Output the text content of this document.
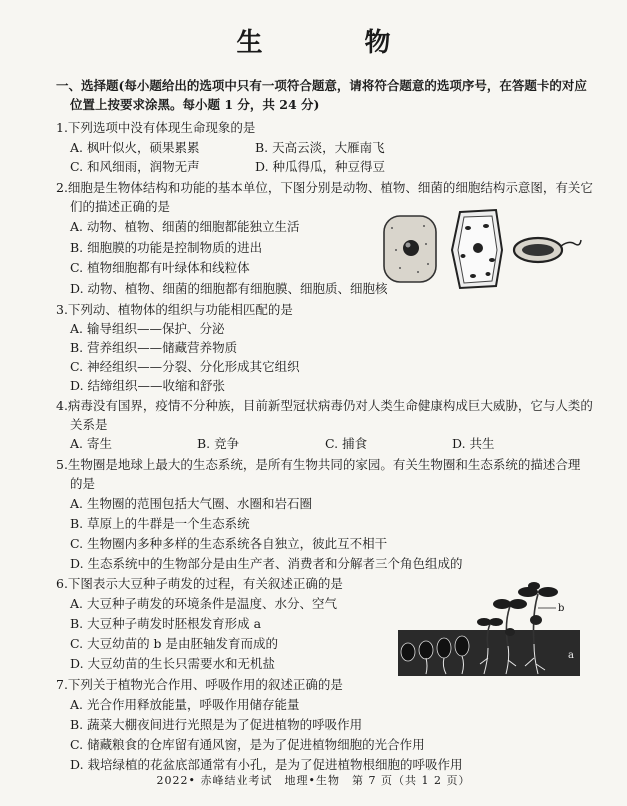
生　物
一、选择题(每小题给出的选项中只有一项符合题意，请将符合题意的选项序号，在答题卡的对应
位置上按要求涂黑。每小题 1 分，共 24 分)
1.下列选项中没有体现生命现象的是
A. 枫叶似火，硕果累累	B. 天高云淡，大雁南飞
C. 和风细雨，润物无声	D. 种瓜得瓜，种豆得豆
2.细胞是生物体结构和功能的基本单位，下图分别是动物、植物、细菌的细胞结构示意图，有关它
们的描述正确的是
A. 动物、植物、细菌的细胞都能独立生活
B. 细胞膜的功能是控制物质的进出
C. 植物细胞都有叶绿体和线粒体
D. 动物、植物、细菌的细胞都有细胞膜、细胞质、细胞核
3.下列动、植物体的组织与功能相匹配的是
A. 输导组织——保护、分泌
B. 营养组织——储藏营养物质
C. 神经组织——分裂、分化形成其它组织
D. 结缔组织——收缩和舒张
4.病毒没有国界，疫情不分种族，目前新型冠状病毒仍对人类生命健康构成巨大威胁，它与人类的
关系是
A. 寄生	B. 竞争	C. 捕食	D. 共生
5.生物圈是地球上最大的生态系统，是所有生物共同的家园。有关生物圈和生态系统的描述合理
的是
A. 生物圈的范围包括大气圈、水圈和岩石圈
B. 草原上的牛群是一个生态系统
C. 生物圈内多种多样的生态系统各自独立，彼此互不相干
D. 生态系统中的生物部分是由生产者、消费者和分解者三个角色组成的
6.下图表示大豆种子萌发的过程，有关叙述正确的是
A. 大豆种子萌发的环境条件是温度、水分、空气
B. 大豆种子萌发时胚根发育形成 a
C. 大豆幼苗的 b 是由胚轴发育而成的
D. 大豆幼苗的生长只需要水和无机盐
b
a
7.下列关于植物光合作用、呼吸作用的叙述正确的是
A. 光合作用释放能量，呼吸作用储存能量
B. 蔬菜大棚夜间进行光照是为了促进植物的呼吸作用
C. 储藏粮食的仓库留有通风窗，是为了促进植物细胞的光合作用
D. 栽培绿植的花盆底部通常有小孔，是为了促进植物根细胞的呼吸作用
2022• 赤峰结业考试　地理•生物　第 7 页（共 1 2 页）
